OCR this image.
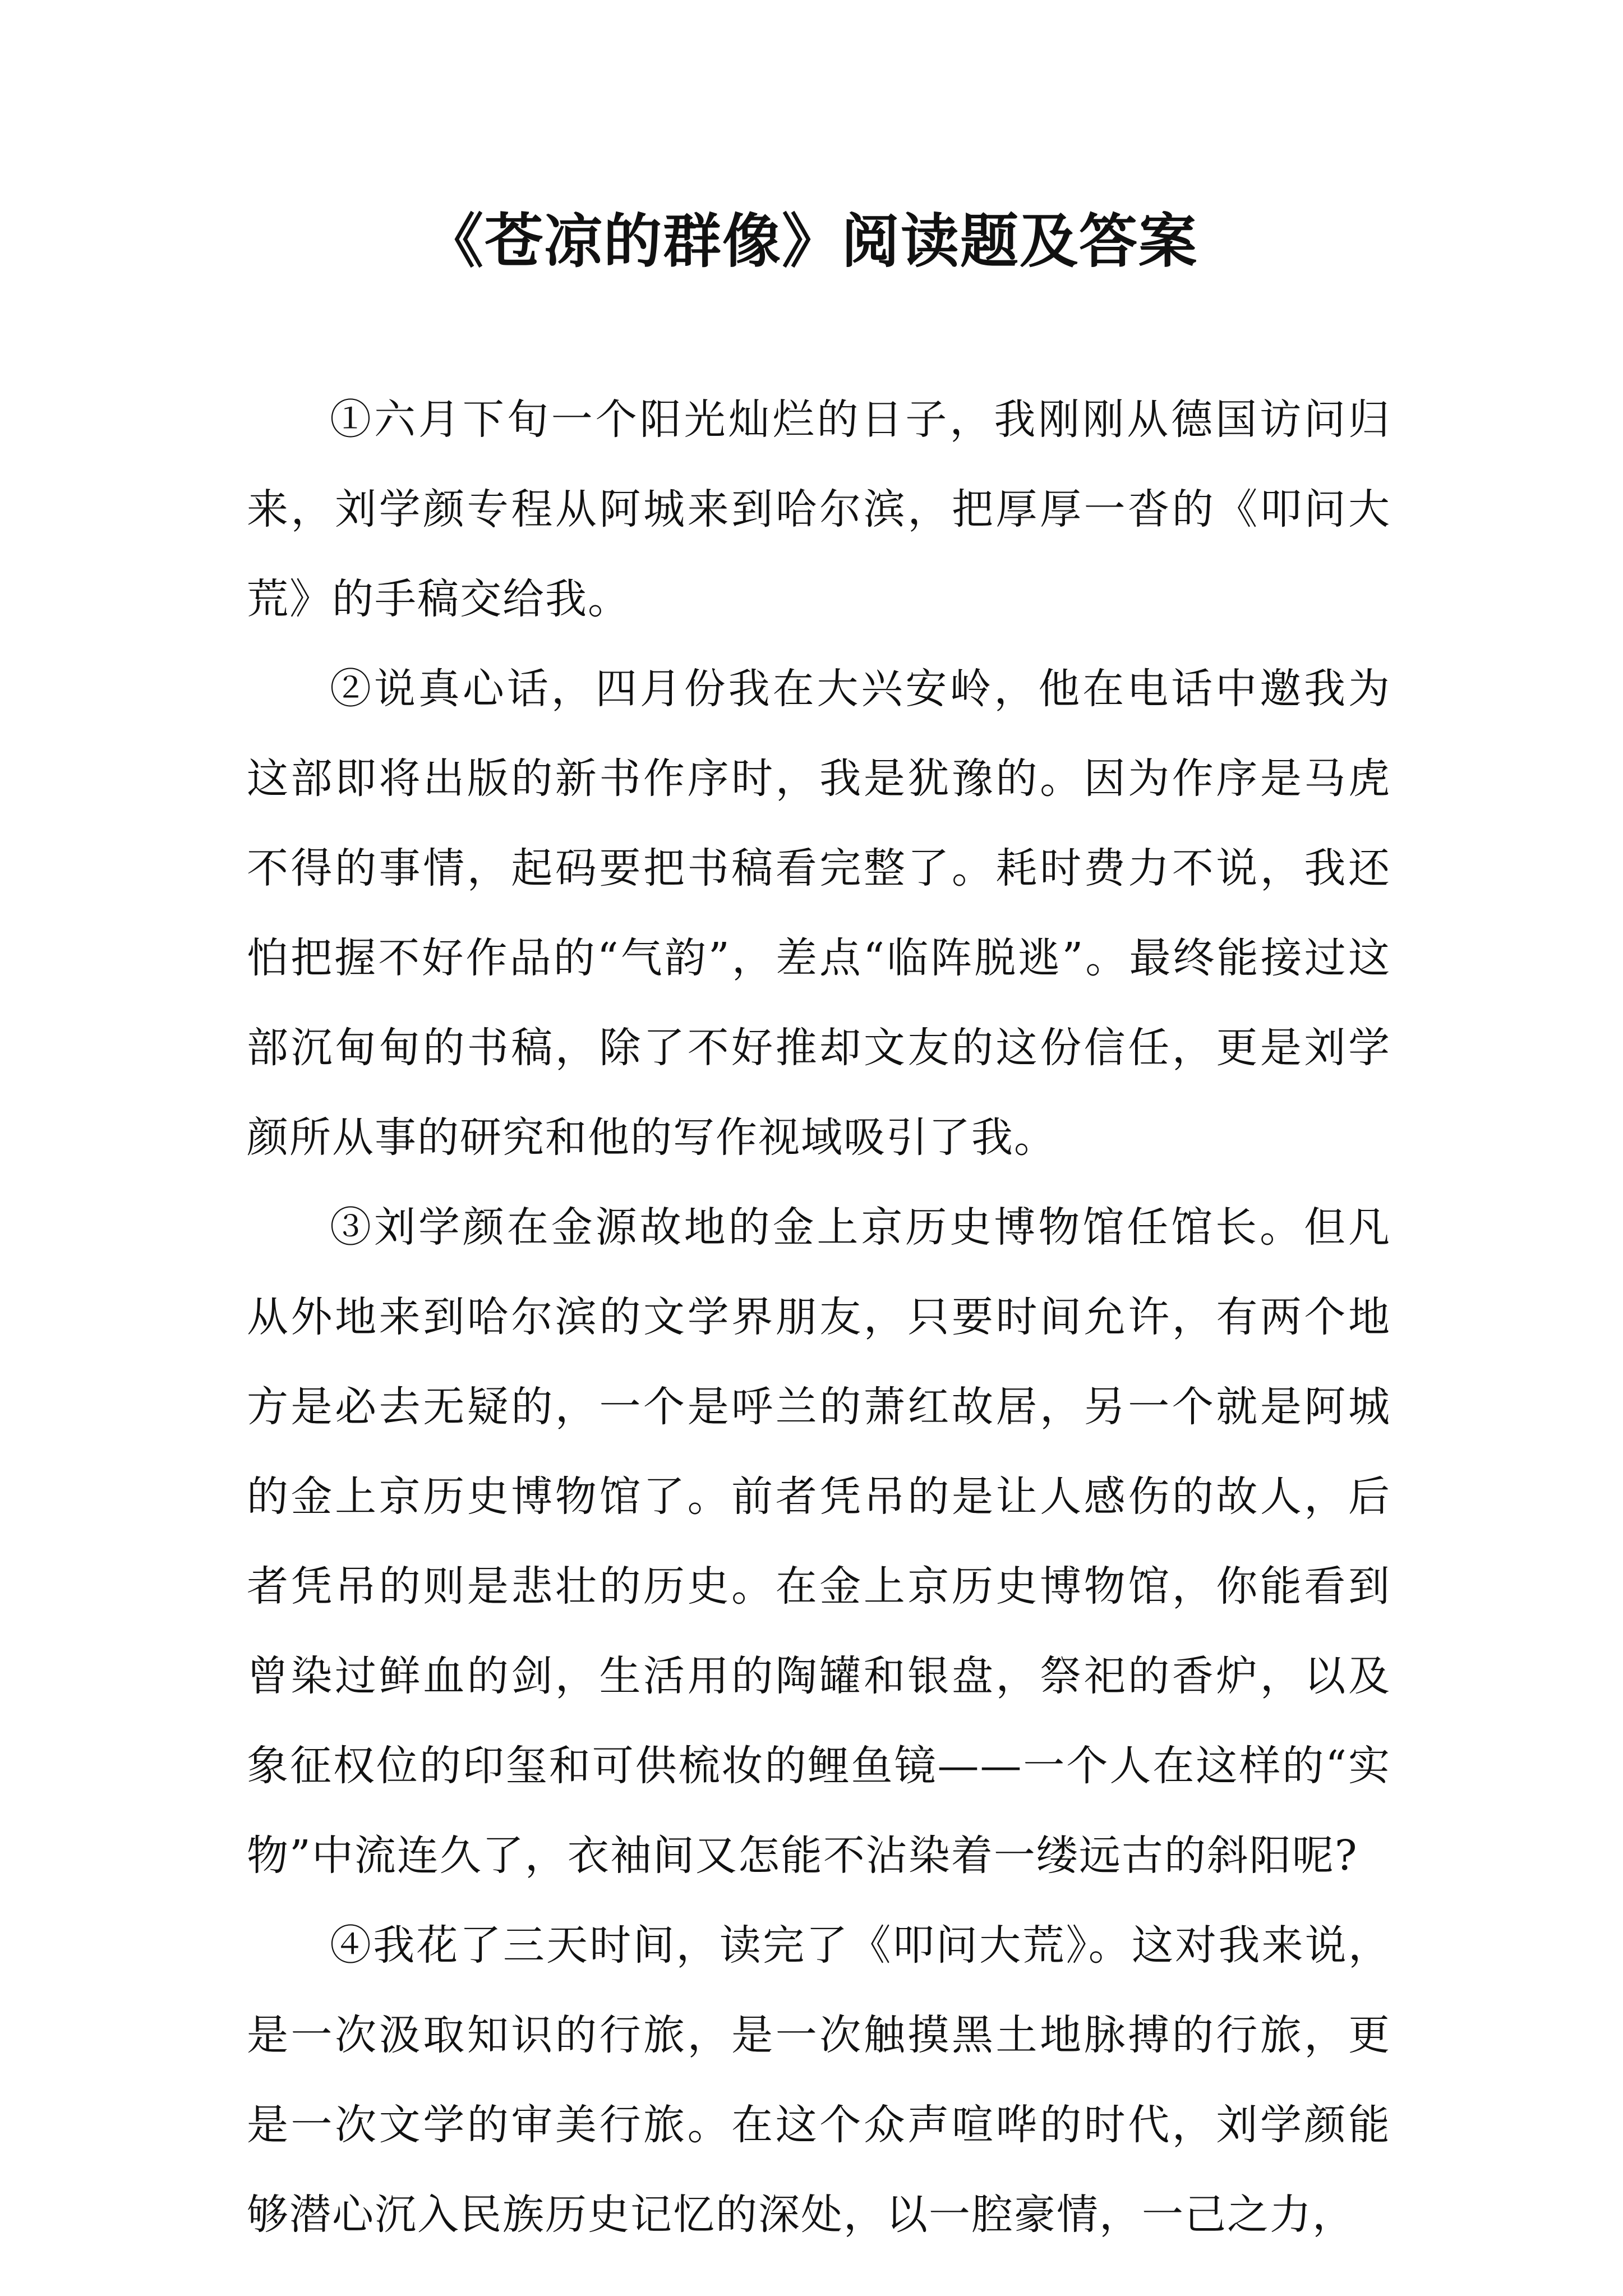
《苍凉的群像》阅读题及答案

①六月下旬一个阳光灿烂的日子，我刚刚从德国访问归来，刘学颜专程从阿城来到哈尔滨，把厚厚一沓的《叩问大荒》的手稿交给我。

②说真心话，四月份我在大兴安岭，他在电话中邀我为这部即将出版的新书作序时，我是犹豫的。因为作序是马虎不得的事情，起码要把书稿看完整了。耗时费力不说，我还怕把握不好作品的“气韵”，差点“临阵脱逃”。最终能接过这部沉甸甸的书稿，除了不好推却文友的这份信任，更是刘学颜所从事的研究和他的写作视域吸引了我。

③刘学颜在金源故地的金上京历史博物馆任馆长。但凡从外地来到哈尔滨的文学界朋友，只要时间允许，有两个地方是必去无疑的，一个是呼兰的萧红故居，另一个就是阿城的金上京历史博物馆了。前者凭吊的是让人感伤的故人，后者凭吊的则是悲壮的历史。在金上京历史博物馆，你能看到曾染过鲜血的剑，生活用的陶罐和银盘，祭祀的香炉，以及象征权位的印玺和可供梳妆的鲤鱼镜——一个人在这样的“实物”中流连久了，衣袖间又怎能不沾染着一缕远古的斜阳呢?

④我花了三天时间，读完了《叩问大荒》。这对我来说，是一次汲取知识的行旅，是一次触摸黑土地脉搏的行旅，更是一次文学的审美行旅。在这个众声喧哗的时代，刘学颜能够潜心沉入民族历史记忆的深处，以一腔豪情，一己之力，
